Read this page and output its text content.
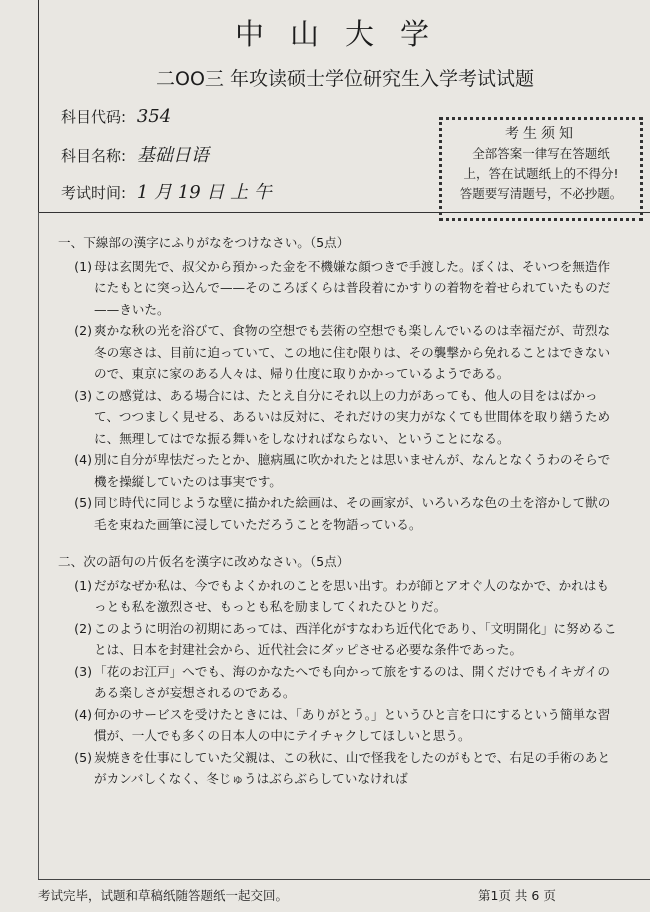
中山大学
二OO三 年攻读硕士学位研究生入学考试试题
科目代码: 354
科目名称: 基础日语
考试时间: 1 月 19 日 上 午
考生须知
全部答案一律写在答题纸
上，答在试题纸上的不得分!
答题要写清题号，不必抄题。
一、下線部の漢字にふりがなをつけなさい。（5点）
(1) 母は玄関先で、叔父から預かった金を不機嫌な顔つきで手渡した。ぼくは、そいつを無造作にたもとに突っ込んで——そのころぼくらは普段着にかすりの着物を着せられていたものだ——きいた。
(2) 爽かな秋の光を浴びて、食物の空想でも芸術の空想でも楽しんでいるのは幸福だが、苛烈な冬の寒さは、目前に迫っていて、この地に住む限りは、その襲撃から免れることはできないので、東京に家のある人々は、帰り仕度に取りかかっているようである。
(3) この感覚は、ある場合には、たとえ自分にそれ以上の力があっても、他人の目をはばかって、つつましく見せる、あるいは反対に、それだけの実力がなくても世間体を取り繕うために、無理してはでな振る舞いをしなければならない、ということになる。
(4) 別に自分が卑怯だったとか、臆病風に吹かれたとは思いませんが、なんとなくうわのそらで機を操縦していたのは事実です。
(5) 同じ時代に同じような壁に描かれた絵画は、その画家が、いろいろな色の土を溶かして獣の毛を束ねた画筆に浸していただろうことを物語っている。
二、次の語句の片仮名を漢字に改めなさい。（5点）
(1) だがなぜか私は、今でもよくかれのことを思い出す。わが師とアオぐ人のなかで、かれはもっとも私を激烈させ、もっとも私を励ましてくれたひとりだ。
(2) このように明治の初期にあっては、西洋化がすなわち近代化であり、「文明開化」に努めることは、日本を封建社会から、近代社会にダッピさせる必要な条件であった。
(3) 「花のお江戸」へでも、海のかなたへでも向かって旅をするのは、開くだけでもイキガイのある楽しさが妄想されるのである。
(4) 何かのサービスを受けたときには、「ありがとう。」というひと言を口にするという簡単な習慣が、一人でも多くの日本人の中にテイチャクしてほしいと思う。
(5) 炭焼きを仕事にしていた父親は、この秋に、山で怪我をしたのがもとで、右足の手術のあとがカンバしくなく、冬じゅうはぶらぶらしていなければ
考试完毕，试题和草稿纸随答题纸一起交回。	第1页 共 6 页
